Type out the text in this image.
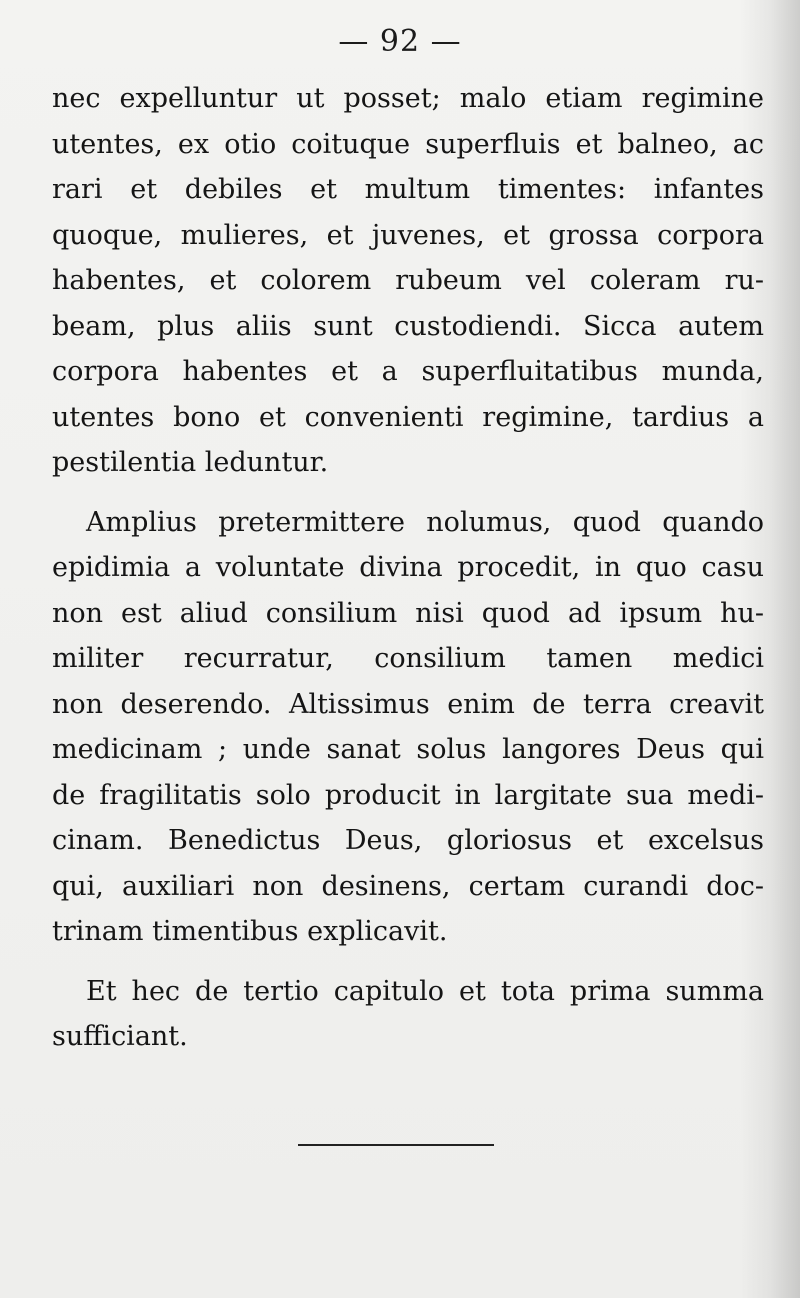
— 92 —
nec expelluntur ut posset; malo etiam regimine
utentes, ex otio coituque superfluis et balneo, ac
rari et debiles et multum timentes: infantes
quoque, mulieres, et juvenes, et grossa corpora
habentes, et colorem rubeum vel coleram ru-
beam, plus aliis sunt custodiendi. Sicca autem
corpora habentes et a superfluitatibus munda,
utentes bono et convenienti regimine, tardius a
pestilentia leduntur.
Amplius pretermittere nolumus, quod quando
epidimia a voluntate divina procedit, in quo casu
non est aliud consilium nisi quod ad ipsum hu-
militer recurratur, consilium tamen medici
non deserendo. Altissimus enim de terra creavit
medicinam ; unde sanat solus langores Deus qui
de fragilitatis solo producit in largitate sua medi-
cinam. Benedictus Deus, gloriosus et excelsus
qui, auxiliari non desinens, certam curandi doc-
trinam timentibus explicavit.
Et hec de tertio capitulo et tota prima summa
sufficiant.
